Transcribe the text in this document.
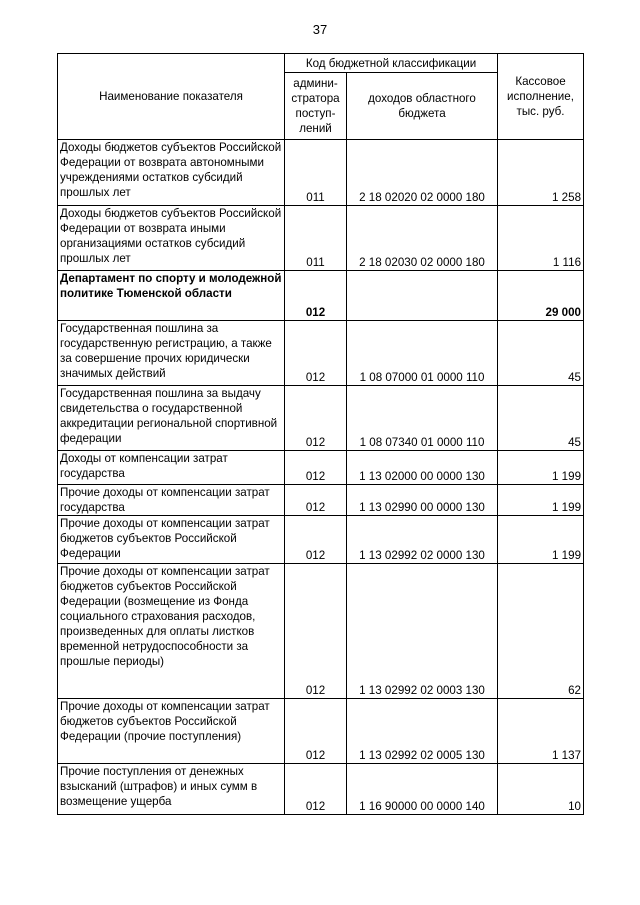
37
Наименование показателя	Код бюджетной классификации		Кассовое исполнение, тыс. руб.
	админи-стратора поступ-лений	доходов областного бюджета	
Доходы бюджетов субъектов Российской Федерации от возврата автономными учреждениями остатков субсидий прошлых лет	011	2 18 02020 02 0000 180	1 258
Доходы бюджетов субъектов Российской Федерации от возврата иными организациями остатков субсидий прошлых лет	011	2 18 02030 02 0000 180	1 116
Департамент по спорту и молодежной политике Тюменской области	012		29 000
Государственная пошлина за государственную регистрацию, а также за совершение прочих юридически значимых действий	012	1 08 07000 01 0000 110	45
Государственная пошлина за выдачу свидетельства о государственной аккредитации региональной спортивной федерации	012	1 08 07340 01 0000 110	45
Доходы от компенсации затрат государства	012	1 13 02000 00 0000 130	1 199
Прочие доходы от компенсации затрат государства	012	1 13 02990 00 0000 130	1 199
Прочие доходы от компенсации затрат бюджетов субъектов Российской Федерации	012	1 13 02992 02 0000 130	1 199
Прочие доходы от компенсации затрат бюджетов субъектов Российской Федерации (возмещение из Фонда социального страхования расходов, произведенных для оплаты листков временной нетрудоспособности за прошлые периоды)	012	1 13 02992 02 0003 130	62
Прочие доходы от компенсации затрат бюджетов субъектов Российской Федерации (прочие поступления)	012	1 13 02992 02 0005 130	1 137
Прочие поступления от денежных взысканий (штрафов) и иных сумм в возмещение ущерба	012	1 16 90000 00 0000 140	10
